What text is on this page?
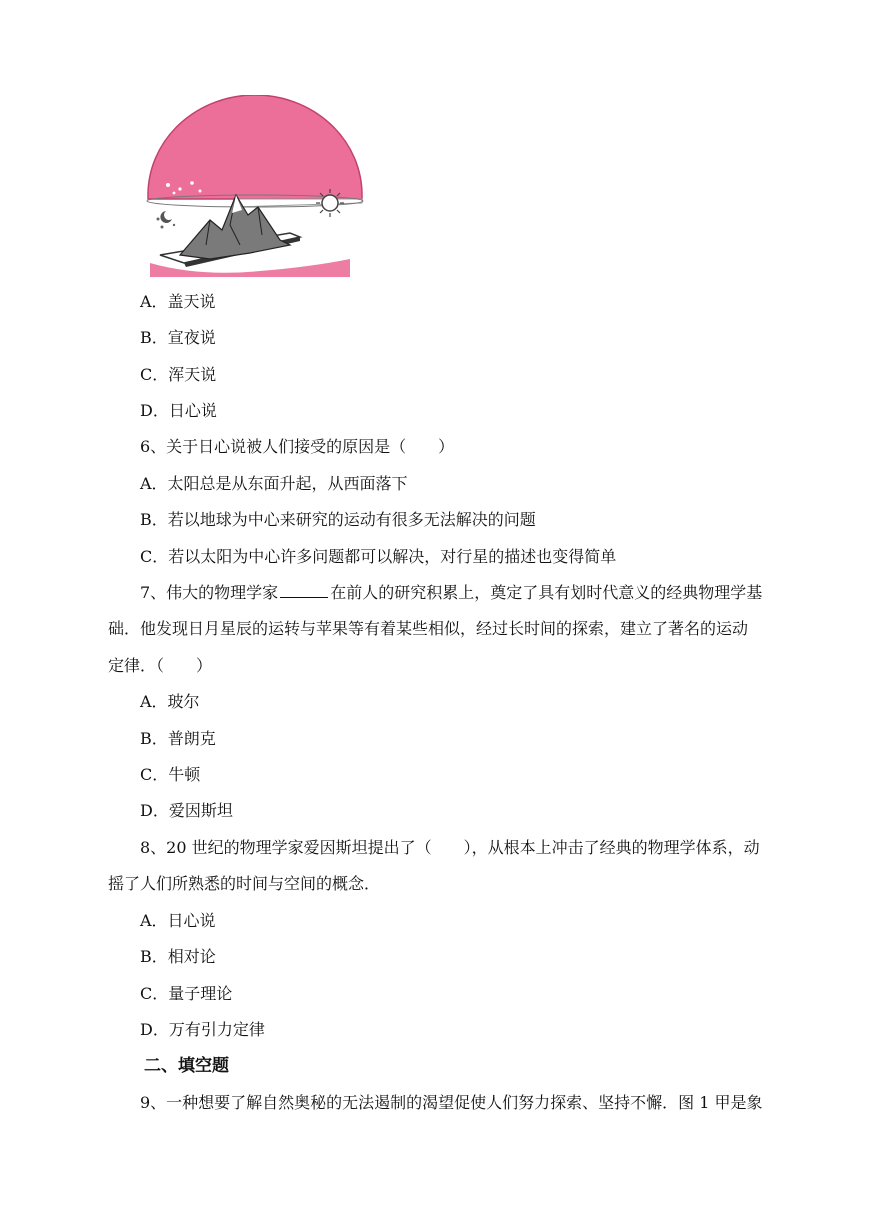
A．盖天说
B．宣夜说
C．浑天说
D．日心说
6、关于日心说被人们接受的原因是（　　）
A．太阳总是从东面升起，从西面落下
B．若以地球为中心来研究的运动有很多无法解决的问题
C．若以太阳为中心许多问题都可以解决，对行星的描述也变得简单
7、伟大的物理学家	在前人的研究积累上，奠定了具有划时代意义的经典物理学基
础．他发现日月星辰的运转与苹果等有着某些相似，经过长时间的探索，建立了著名的运动
定律．（　　）
A．玻尔
B．普朗克
C．牛顿
D．爱因斯坦
8、20 世纪的物理学家爱因斯坦提出了（　　），从根本上冲击了经典的物理学体系，动
摇了人们所熟悉的时间与空间的概念．
A．日心说
B．相对论
C．量子理论
D．万有引力定律
二、填空题
9、一种想要了解自然奥秘的无法遏制的渴望促使人们努力探索、坚持不懈．图 1 甲是象
